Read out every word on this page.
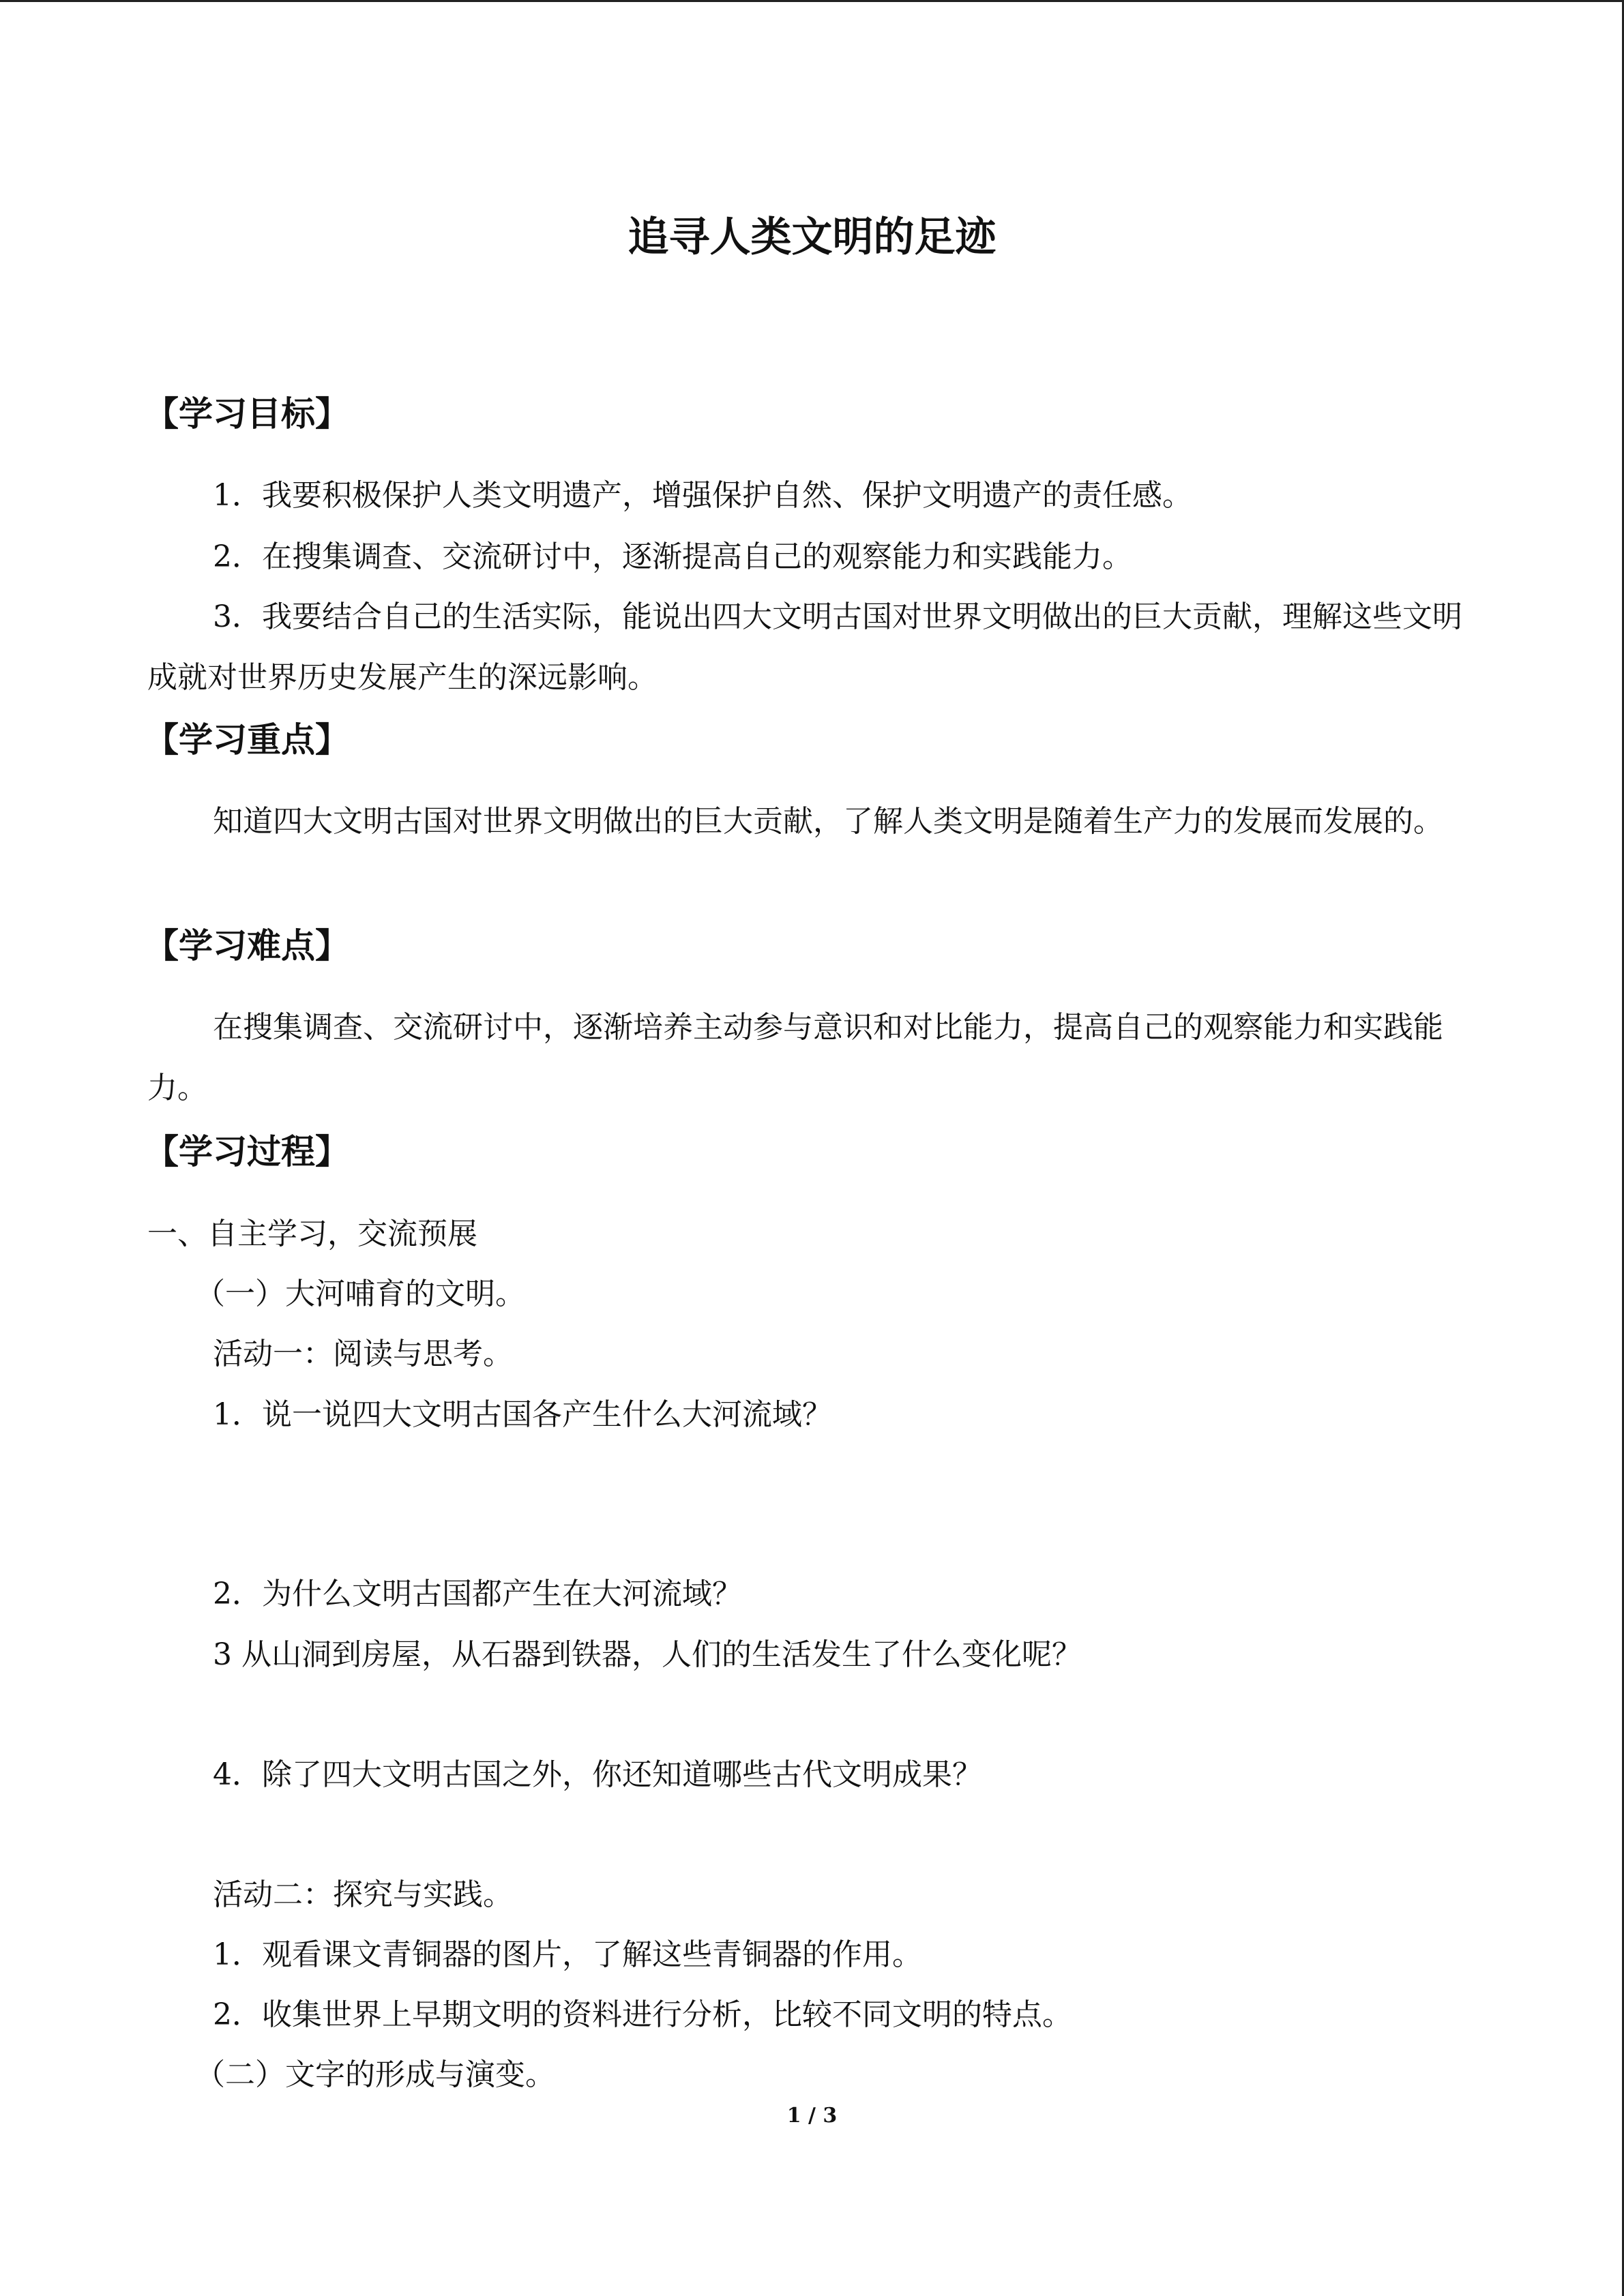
追寻人类文明的足迹
【学习目标】

1．我要积极保护人类文明遗产，增强保护自然、保护文明遗产的责任感。

2．在搜集调查、交流研讨中，逐渐提高自己的观察能力和实践能力。

3．我要结合自己的生活实际，能说出四大文明古国对世界文明做出的巨大贡献，理解这些文明成就对世界历史发展产生的深远影响。

【学习重点】

知道四大文明古国对世界文明做出的巨大贡献，了解人类文明是随着生产力的发展而发展的。

【学习难点】

在搜集调查、交流研讨中，逐渐培养主动参与意识和对比能力，提高自己的观察能力和实践能力。

【学习过程】

一、自主学习，交流预展

（一）大河哺育的文明。

活动一：阅读与思考。

1．说一说四大文明古国各产生什么大河流域？

2．为什么文明古国都产生在大河流域？

3 从山洞到房屋，从石器到铁器，人们的生活发生了什么变化呢？

4．除了四大文明古国之外，你还知道哪些古代文明成果？

活动二：探究与实践。

1．观看课文青铜器的图片，了解这些青铜器的作用。

2．收集世界上早期文明的资料进行分析，比较不同文明的特点。

（二）文字的形成与演变。

1 / 3
